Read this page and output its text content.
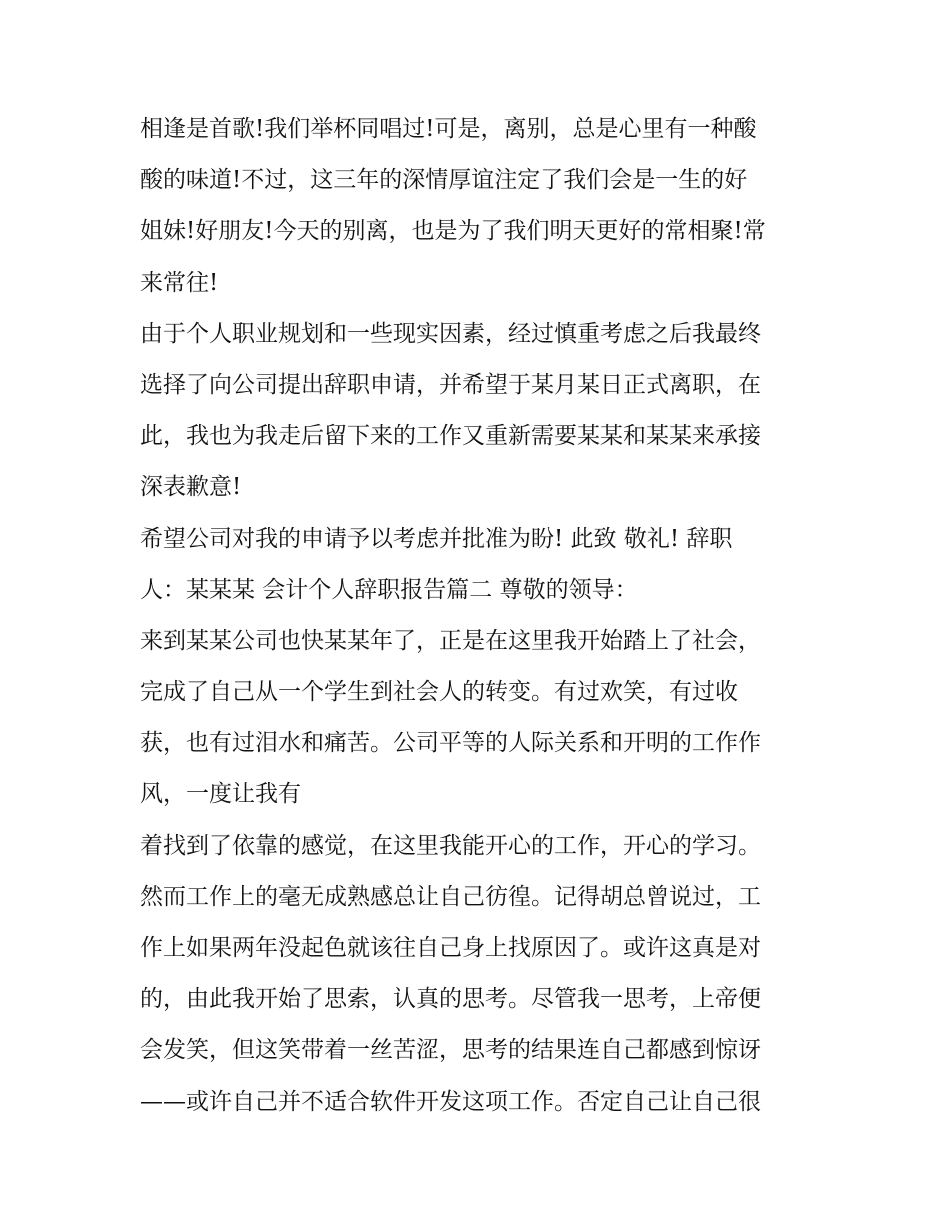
相逢是首歌!我们举杯同唱过!可是，离别，总是心里有一种酸
酸的味道!不过，这三年的深情厚谊注定了我们会是一生的好
姐妹!好朋友!今天的别离，也是为了我们明天更好的常相聚!常
来常往!
由于个人职业规划和一些现实因素，经过慎重考虑之后我最终
选择了向公司提出辞职申请，并希望于某月某日正式离职，在
此，我也为我走后留下来的工作又重新需要某某和某某来承接
深表歉意!
希望公司对我的申请予以考虑并批准为盼! 此致 敬礼! 辞职
人：某某某 会计个人辞职报告篇二 尊敬的领导：
来到某某公司也快某某年了，正是在这里我开始踏上了社会，
完成了自己从一个学生到社会人的转变。有过欢笑，有过收
获，也有过泪水和痛苦。公司平等的人际关系和开明的工作作
风，一度让我有
着找到了依靠的感觉，在这里我能开心的工作，开心的学习。
然而工作上的毫无成熟感总让自己彷徨。记得胡总曾说过，工
作上如果两年没起色就该往自己身上找原因了。或许这真是对
的，由此我开始了思索，认真的思考。尽管我一思考，上帝便
会发笑，但这笑带着一丝苦涩，思考的结果连自己都感到惊讶
——或许自己并不适合软件开发这项工作。否定自己让自己很
